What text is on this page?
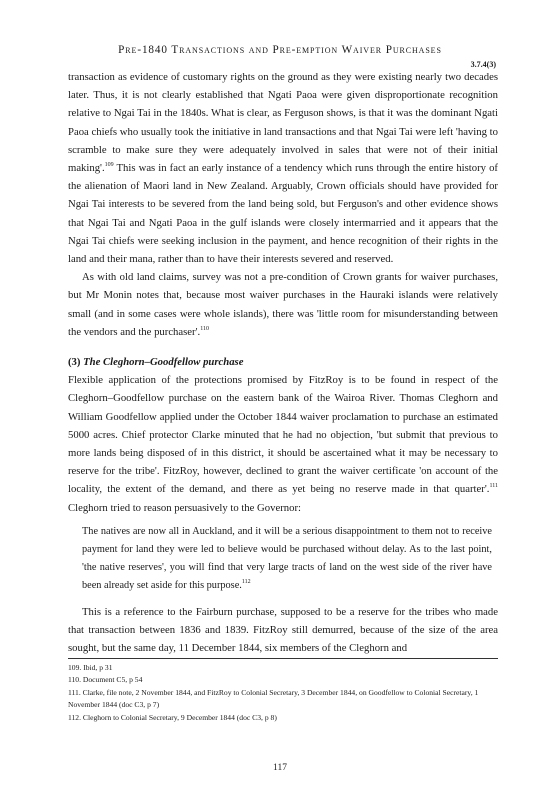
Pre-1840 Transactions and Pre-emption Waiver Purchases
3.7.4(3)

transaction as evidence of customary rights on the ground as they were existing nearly two decades later. Thus, it is not clearly established that Ngati Paoa were given disproportionate recognition relative to Ngai Tai in the 1840s. What is clear, as Ferguson shows, is that it was the dominant Ngati Paoa chiefs who usually took the initiative in land transactions and that Ngai Tai were left 'having to scramble to make sure they were adequately involved in sales that were not of their initial making'.$^{109}$ This was in fact an early instance of a tendency which runs through the entire history of the alienation of Maori land in New Zealand. Arguably, Crown officials should have provided for Ngai Tai interests to be severed from the land being sold, but Ferguson's and other evidence shows that Ngai Tai and Ngati Paoa in the gulf islands were closely intermarried and it appears that the Ngai Tai chiefs were seeking inclusion in the payment, and hence recognition of their rights in the land and their mana, rather than to have their interests severed and reserved.

As with old land claims, survey was not a pre-condition of Crown grants for waiver purchases, but Mr Monin notes that, because most waiver purchases in the Hauraki islands were relatively small (and in some cases were whole islands), there was 'little room for misunderstanding between the vendors and the purchaser'.$^{110}$

(3) The Cleghorn–Goodfellow purchase

Flexible application of the protections promised by FitzRoy is to be found in respect of the Cleghorn–Goodfellow purchase on the eastern bank of the Wairoa River. Thomas Cleghorn and William Goodfellow applied under the October 1844 waiver proclamation to purchase an estimated 5000 acres. Chief protector Clarke minuted that he had no objection, 'but submit that previous to more lands being disposed of in this district, it should be ascertained what it may be necessary to reserve for the tribe'. FitzRoy, however, declined to grant the waiver certificate 'on account of the locality, the extent of the demand, and there as yet being no reserve made in that quarter'.$^{111}$ Cleghorn tried to reason persuasively to the Governor:

The natives are now all in Auckland, and it will be a serious disappointment to them not to receive payment for land they were led to believe would be purchased without delay. As to the last point, 'the native reserves', you will find that very large tracts of land on the west side of the river have been already set aside for this purpose.$^{112}$

This is a reference to the Fairburn purchase, supposed to be a reserve for the tribes who made that transaction between 1836 and 1839. FitzRoy still demurred, because of the size of the area sought, but the same day, 11 December 1844, six members of the Cleghorn and

109. Ibid, p 31
110. Document C5, p 54
111. Clarke, file note, 2 November 1844, and FitzRoy to Colonial Secretary, 3 December 1844, on Goodfellow to Colonial Secretary, 1 November 1844 (doc C3, p 7)
112. Cleghorn to Colonial Secretary, 9 December 1844 (doc C3, p 8)
117
